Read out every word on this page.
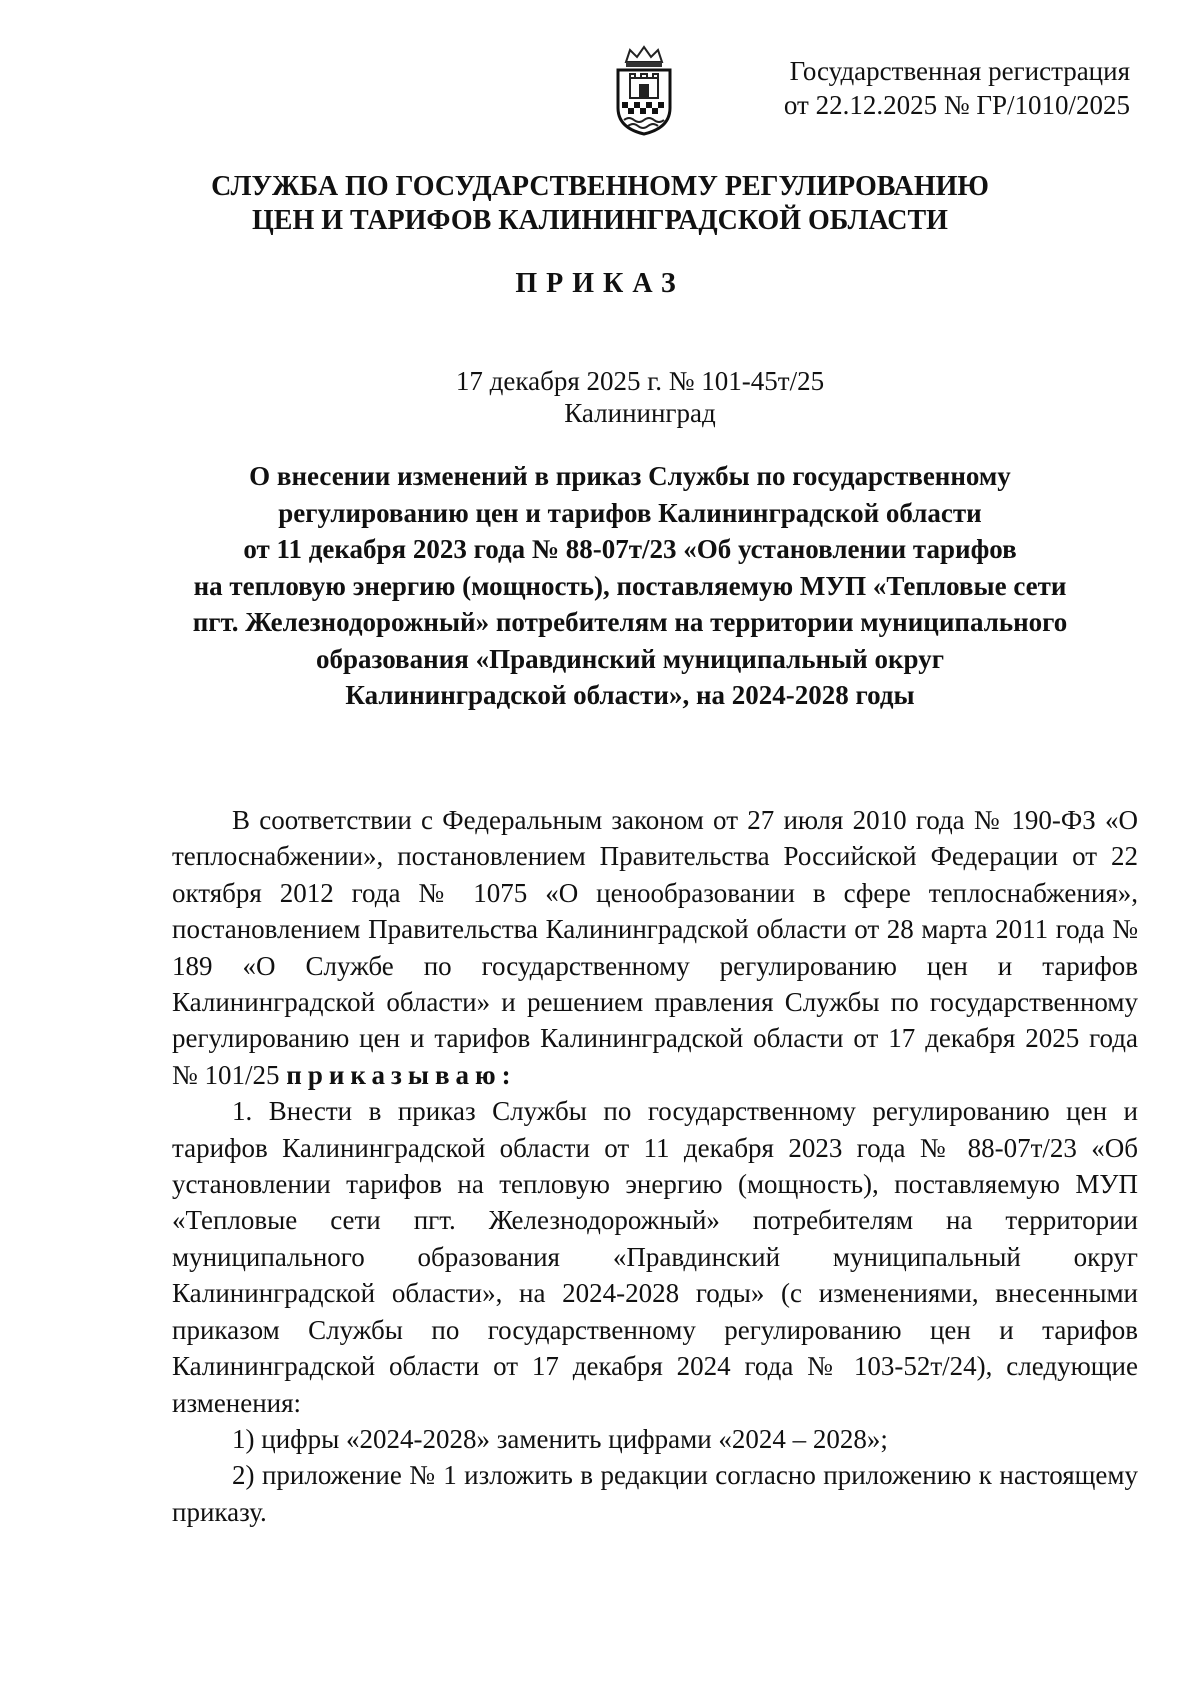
Государственная регистрация
от 22.12.2025 № ГР/1010/2025
СЛУЖБА ПО ГОСУДАРСТВЕННОМУ РЕГУЛИРОВАНИЮ
ЦЕН И ТАРИФОВ КАЛИНИНГРАДСКОЙ ОБЛАСТИ
ПРИКАЗ
17 декабря 2025 г. № 101-45т/25
Калининград
О внесении изменений в приказ Службы по государственному
регулированию цен и тарифов Калининградской области
от 11 декабря 2023 года № 88-07т/23 «Об установлении тарифов
на тепловую энергию (мощность), поставляемую МУП «Тепловые сети
пгт. Железнодорожный» потребителям на территории муниципального
образования «Правдинский муниципальный округ
Калининградской области», на 2024-2028 годы

В соответствии с Федеральным законом от 27 июля 2010 года № 190-ФЗ «О теплоснабжении», постановлением Правительства Российской Федерации от 22 октября 2012 года № 1075 «О ценообразовании в сфере теплоснабжения», постановлением Правительства Калининградской области от 28 марта 2011 года № 189 «О Службе по государственному регулированию цен и тарифов Калининградской области» и решением правления Службы по государственному регулированию цен и тарифов Калининградской области от 17 декабря 2025 года № 101/25 приказываю:

1. Внести в приказ Службы по государственному регулированию цен и тарифов Калининградской области от 11 декабря 2023 года № 88-07т/23 «Об установлении тарифов на тепловую энергию (мощность), поставляемую МУП «Тепловые сети пгт. Железнодорожный» потребителям на территории муниципального образования «Правдинский муниципальный округ Калининградской области», на 2024-2028 годы» (с изменениями, внесенными приказом Службы по государственному регулированию цен и тарифов Калининградской области от 17 декабря 2024 года № 103-52т/24), следующие изменения:

1) цифры «2024-2028» заменить цифрами «2024 – 2028»;

2) приложение № 1 изложить в редакции согласно приложению к настоящему приказу.
